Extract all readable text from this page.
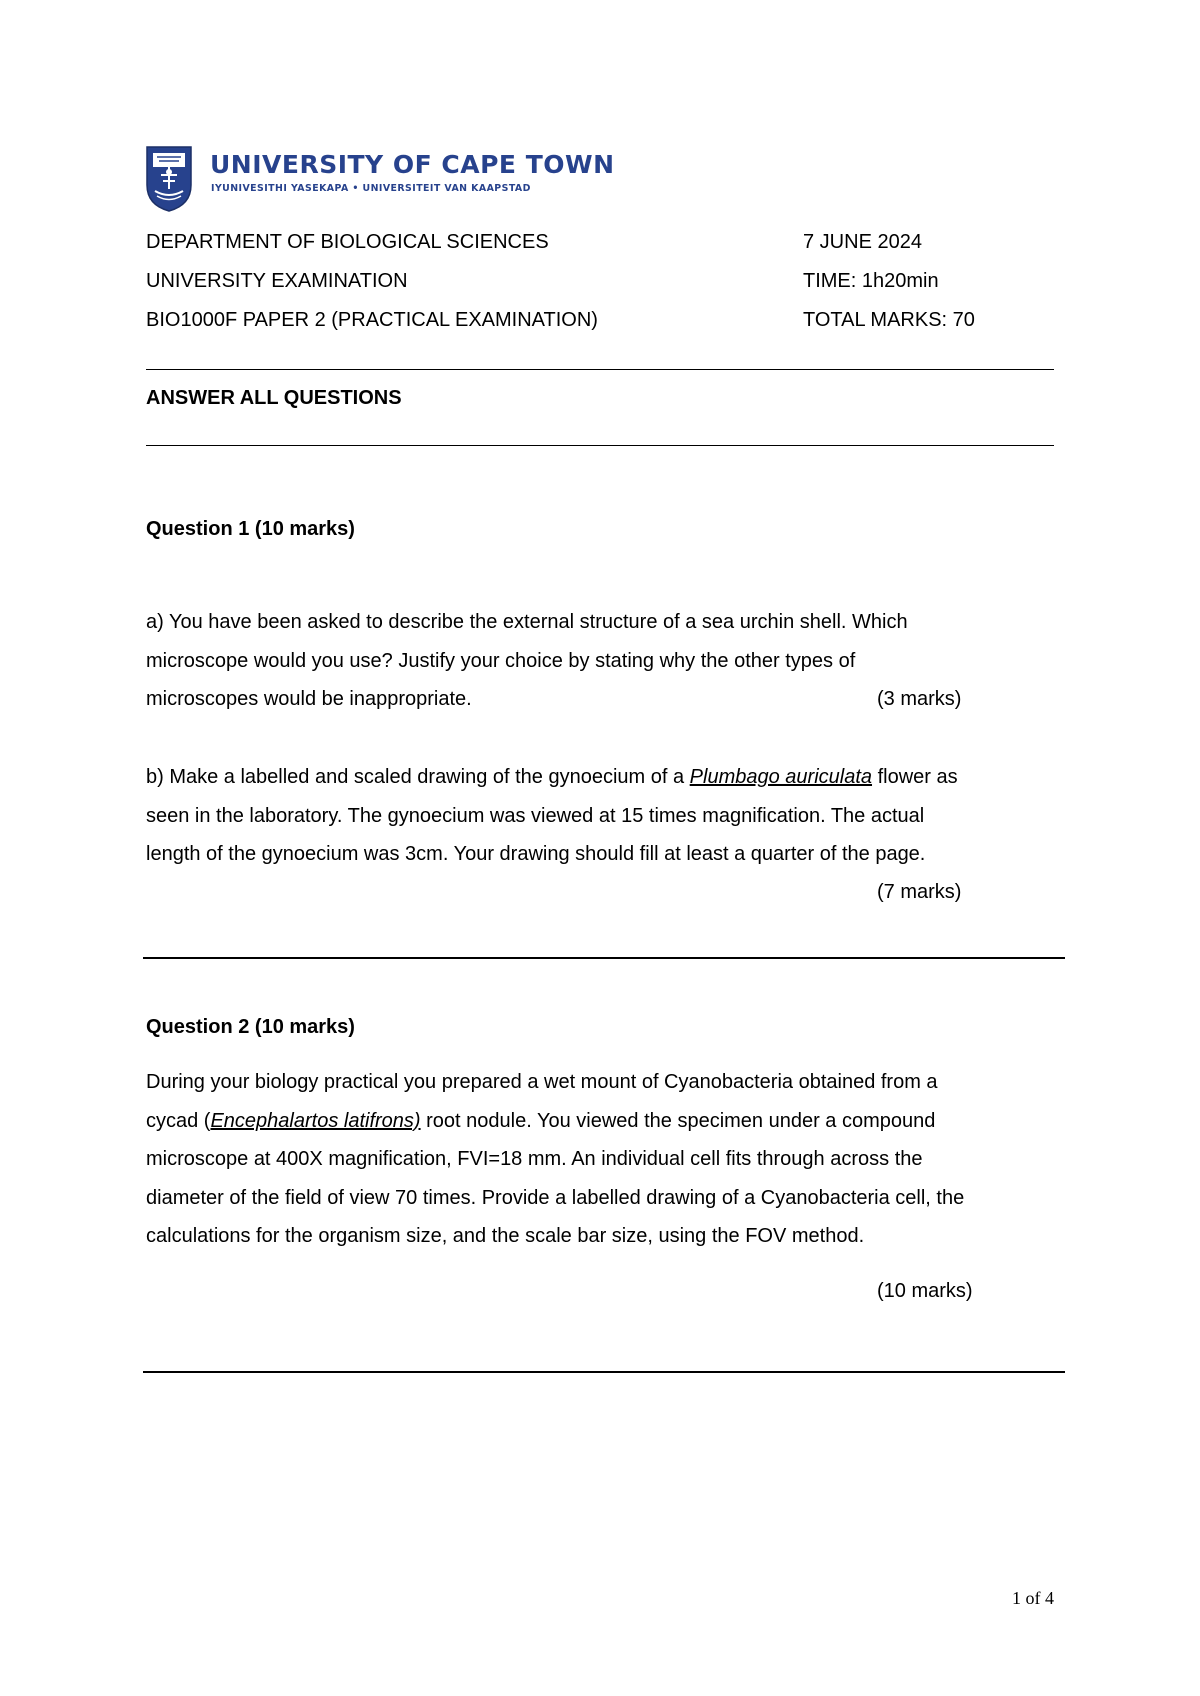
UNIVERSITY OF CAPE TOWN
IYUNIVESITHI YASEKAPA • UNIVERSITEIT VAN KAAPSTAD
DEPARTMENT OF BIOLOGICAL SCIENCES	7 JUNE 2024
UNIVERSITY EXAMINATION	TIME: 1h20min
BIO1000F PAPER 2 (PRACTICAL EXAMINATION)	TOTAL MARKS: 70
ANSWER ALL QUESTIONS
Question 1 (10 marks)
a) You have been asked to describe the external structure of a sea urchin shell. Which
microscope would you use? Justify your choice by stating why the other types of
microscopes would be inappropriate.	(3 marks)
b) Make a labelled and scaled drawing of the gynoecium of a Plumbago auriculata flower as
seen in the laboratory. The gynoecium was viewed at 15 times magnification. The actual
length of the gynoecium was 3cm. Your drawing should fill at least a quarter of the page.
(7 marks)
Question 2 (10 marks)
During your biology practical you prepared a wet mount of Cyanobacteria obtained from a
cycad (Encephalartos latifrons) root nodule. You viewed the specimen under a compound
microscope at 400X magnification, FVI=18 mm. An individual cell fits through across the
diameter of the field of view 70 times. Provide a labelled drawing of a Cyanobacteria cell, the
calculations for the organism size, and the scale bar size, using the FOV method.
(10 marks)
1 of 4
